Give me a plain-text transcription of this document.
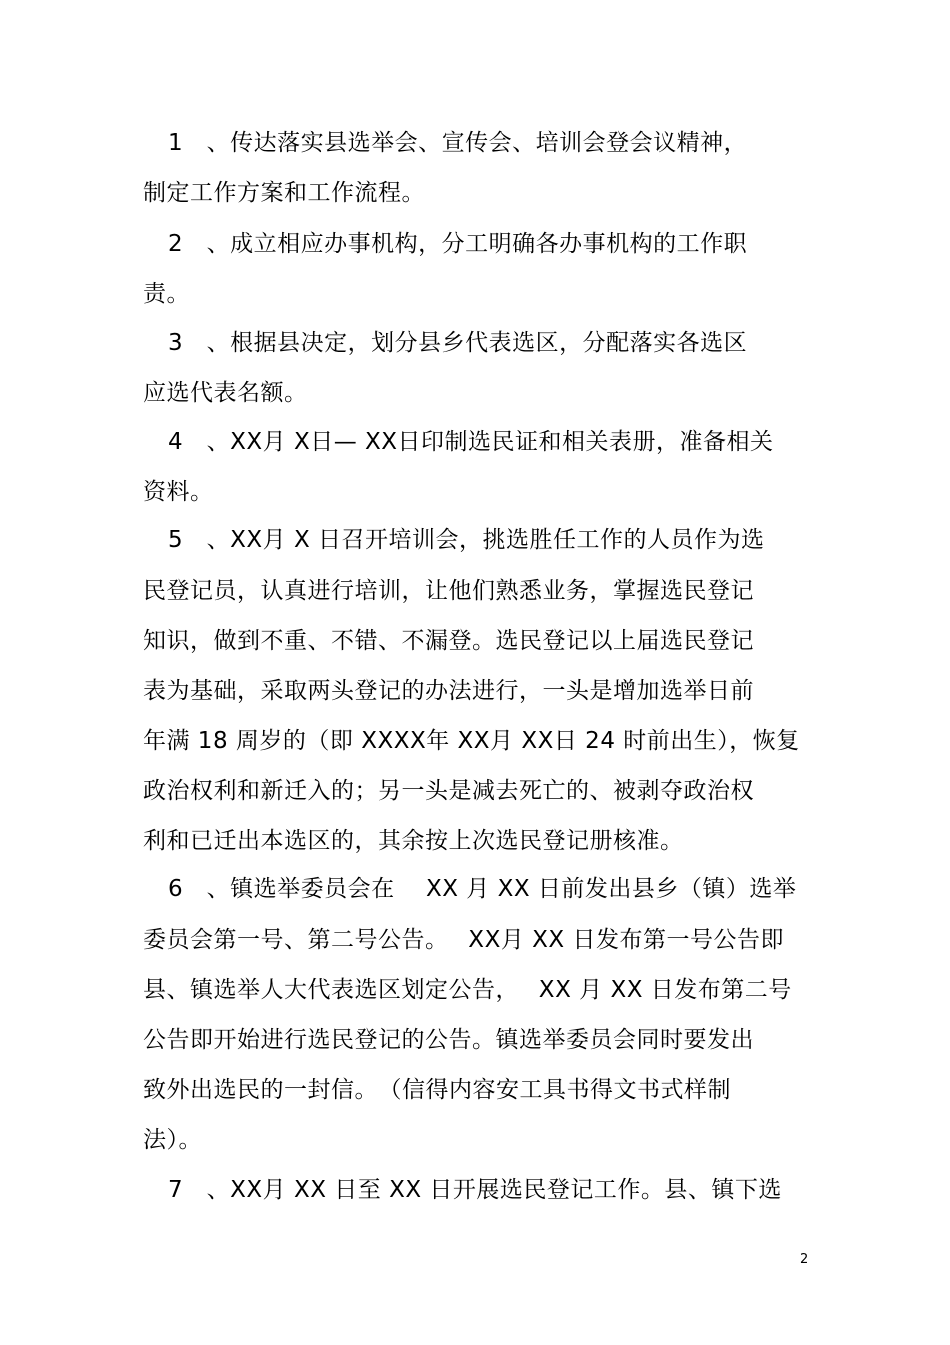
1　、传达落实县选举会、宣传会、培训会登会议精神，
制定工作方案和工作流程。
2　、成立相应办事机构，分工明确各办事机构的工作职
责。
3　、根据县决定，划分县乡代表选区，分配落实各选区
应选代表名额。
4　、XX月 X日— XX日印制选民证和相关表册，准备相关
资料。
5　、XX月 X 日召开培训会，挑选胜任工作的人员作为选
民登记员，认真进行培训，让他们熟悉业务，掌握选民登记
知识，做到不重、不错、不漏登。选民登记以上届选民登记
表为基础，采取两头登记的办法进行，一头是增加选举日前
年满 18 周岁的（即 XXXX年 XX月 XX日 24 时前出生），恢复
政治权利和新迁入的；另一头是减去死亡的、被剥夺政治权
利和已迁出本选区的，其余按上次选民登记册核准。
6　、镇选举委员会在　 XX 月 XX 日前发出县乡（镇）选举
委员会第一号、第二号公告。　 XX月 XX 日发布第一号公告即
县、镇选举人大代表选区划定公告，　 XX 月 XX 日发布第二号
公告即开始进行选民登记的公告。镇选举委员会同时要发出
致外出选民的一封信。　（信得内容安工具书得文书式样制
法）。
7　、XX月 XX 日至 XX 日开展选民登记工作。县、镇下选
2
